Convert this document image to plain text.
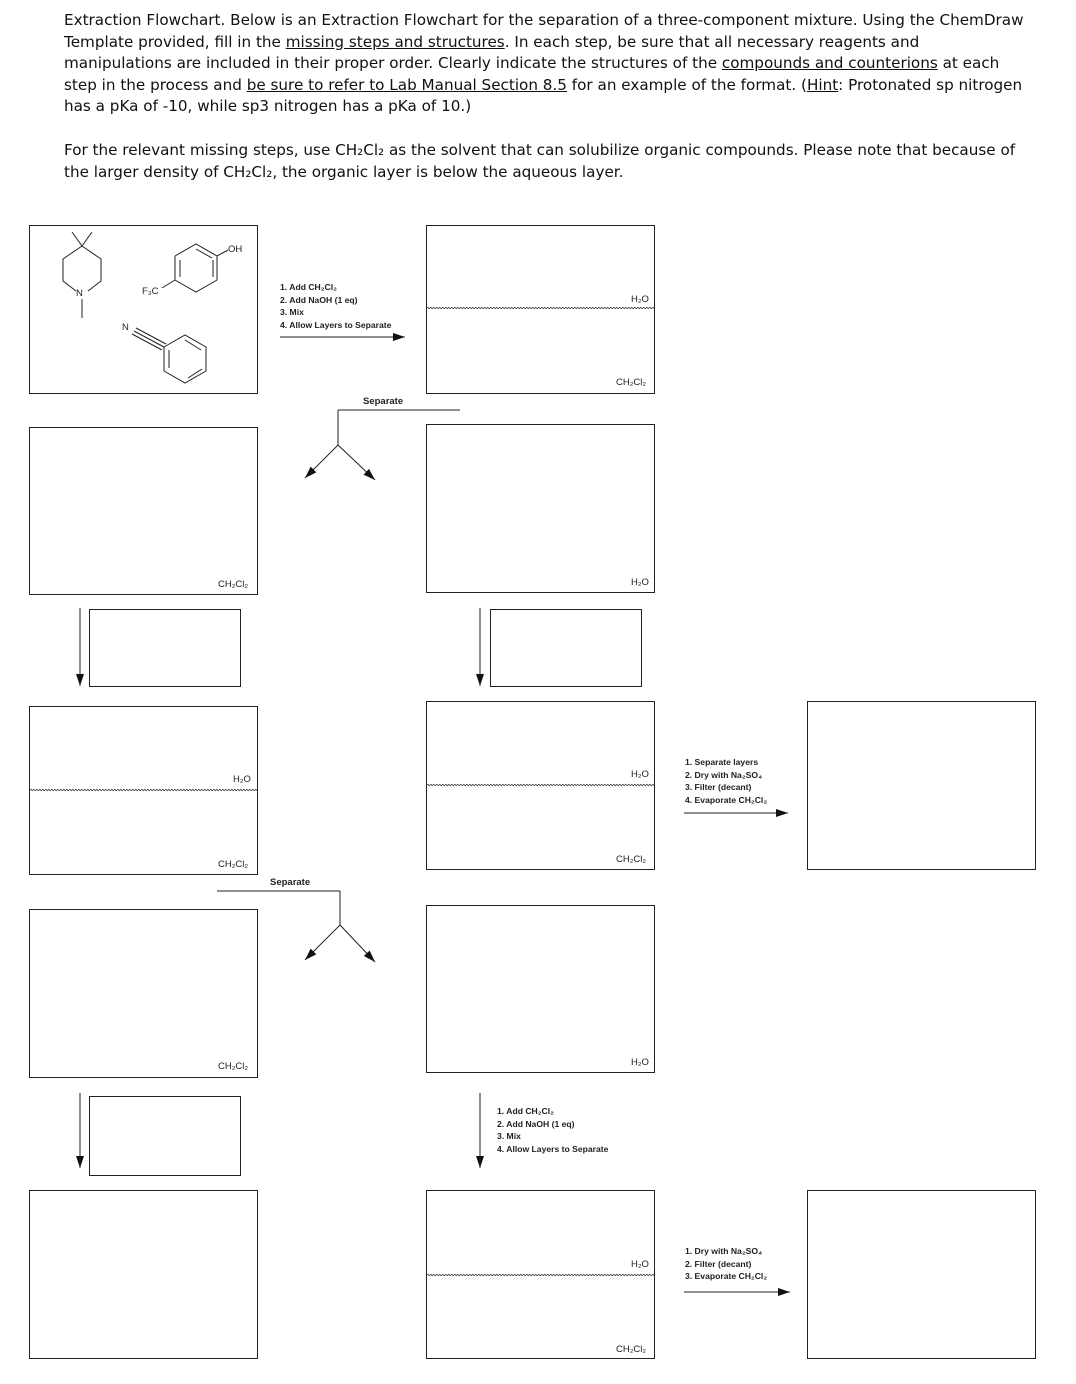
Extraction Flowchart. Below is an Extraction Flowchart for the separation of a three-component mixture. Using the ChemDraw Template provided, fill in the missing steps and structures. In each step, be sure that all necessary reagents and manipulations are included in their proper order. Clearly indicate the structures of the compounds and counterions at each step in the process and be sure to refer to Lab Manual Section 8.5 for an example of the format. (Hint: Protonated sp nitrogen has a pKa of -10, while sp3 nitrogen has a pKa of 10.)
For the relevant missing steps, use CH₂Cl₂ as the solvent that can solubilize organic compounds. Please note that because of the larger density of CH₂Cl₂, the organic layer is below the aqueous layer.
N
OH
F₃C
N
H₂O
CH₂Cl₂
CH₂Cl₂	H₂O
H₂O
CH₂Cl₂
H₂O
CH₂Cl₂
CH₂Cl₂	H₂O
H₂O
CH₂Cl₂
Separate
Separate
1. Add CH₂Cl₂
2. Add NaOH (1 eq)
3. Mix
4. Allow Layers to Separate
1. Add CH₂Cl₂
2. Add NaOH (1 eq)
3. Mix
4. Allow Layers to Separate
1. Separate layers
2. Dry with Na₂SO₄
3. Filter (decant)
4. Evaporate CH₂Cl₂
1. Dry with Na₂SO₄
2. Filter (decant)
3. Evaporate CH₂Cl₂
